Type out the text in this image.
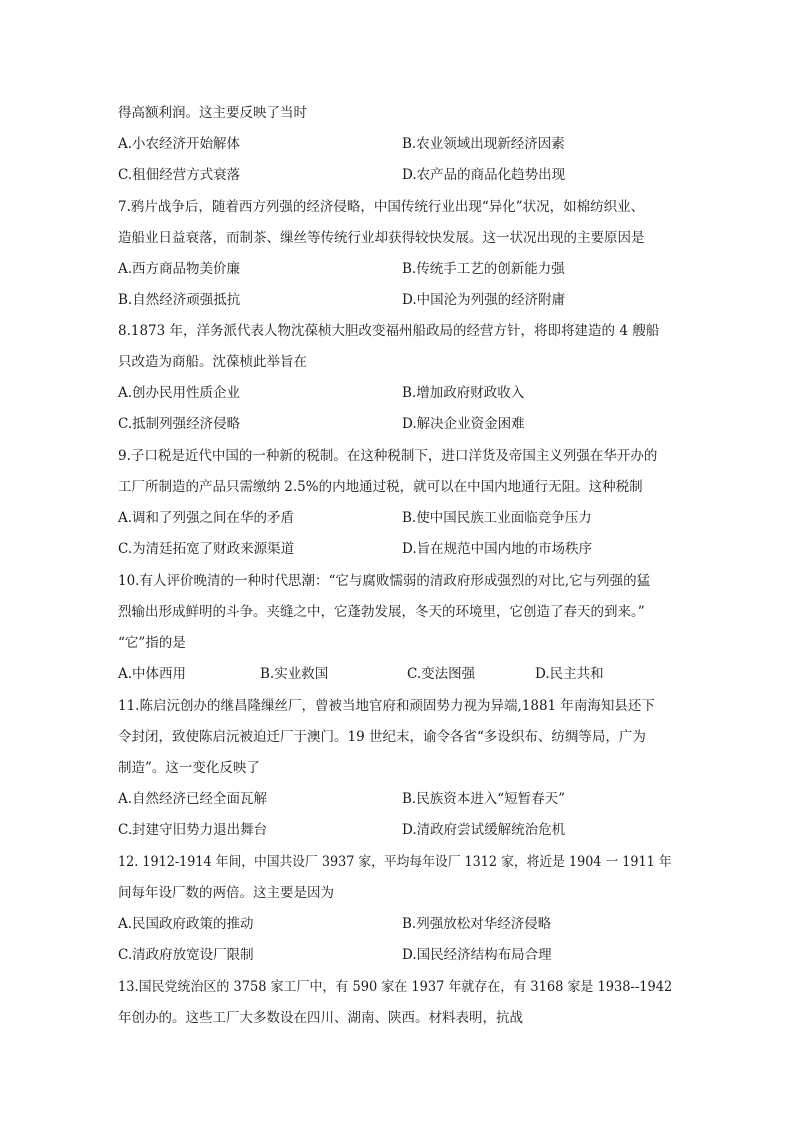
得高额利润。这主要反映了当时
A.小农经济开始解体	B.农业领域出现新经济因素
C.租佃经营方式衰落	D.农产品的商品化趋势出现
7.鸦片战争后，随着西方列强的经济侵略，中国传统行业出现“异化”状况，如棉纺织业、
造船业日益衰落，而制茶、缫丝等传统行业却获得较快发展。这一状况出现的主要原因是
A.西方商品物美价廉	B.传统手工艺的创新能力强
B.自然经济顽强抵抗	D.中国沦为列强的经济附庸
8.1873 年，洋务派代表人物沈葆桢大胆改变福州船政局的经营方针，将即将建造的 4 艘船
只改造为商船。沈葆桢此举旨在
A.创办民用性质企业	B.增加政府财政收入
C.抵制列强经济侵略	D.解决企业资金困难
9.子口税是近代中国的一种新的税制。在这种税制下，进口洋货及帝国主义列强在华开办的
工厂所制造的产品只需缴纳 2.5%的内地通过税，就可以在中国内地通行无阻。这种税制
A.调和了列强之间在华的矛盾	B.使中国民族工业面临竞争压力
C.为清廷拓宽了财政来源渠道	D.旨在规范中国内地的市场秩序
10.有人评价晚清的一种时代思潮：“它与腐败懦弱的清政府形成强烈的对比,它与列强的猛
烈输出形成鲜明的斗争。夹缝之中，它蓬勃发展，冬天的环境里，它创造了春天的到来。”
“它”指的是
A.中体西用	B.实业救国	C.变法图强	D.民主共和
11.陈启沅创办的继昌隆缫丝厂，曾被当地官府和顽固势力视为异端,1881 年南海知县还下
令封闭，致使陈启沅被迫迁厂于澳门。19 世纪末，谕令各省“多设织布、纺绸等局，广为
制造”。这一变化反映了
A.自然经济已经全面瓦解	B.民族资本进入“短暂春天”
C.封建守旧势力退出舞台	D.清政府尝试缓解统治危机
12. 1912-1914 年间，中国共设厂 3937 家，平均每年设厂 1312 家，将近是 1904 一 1911 年
间每年设厂数的两倍。这主要是因为
A.民国政府政策的推动	B.列强放松对华经济侵略
C.清政府放宽设厂限制	D.国民经济结构布局合理
13.国民党统治区的 3758 家工厂中，有 590 家在 1937 年就存在，有 3168 家是 1938--1942
年创办的。这些工厂大多数设在四川、湖南、陕西。材料表明，抗战
